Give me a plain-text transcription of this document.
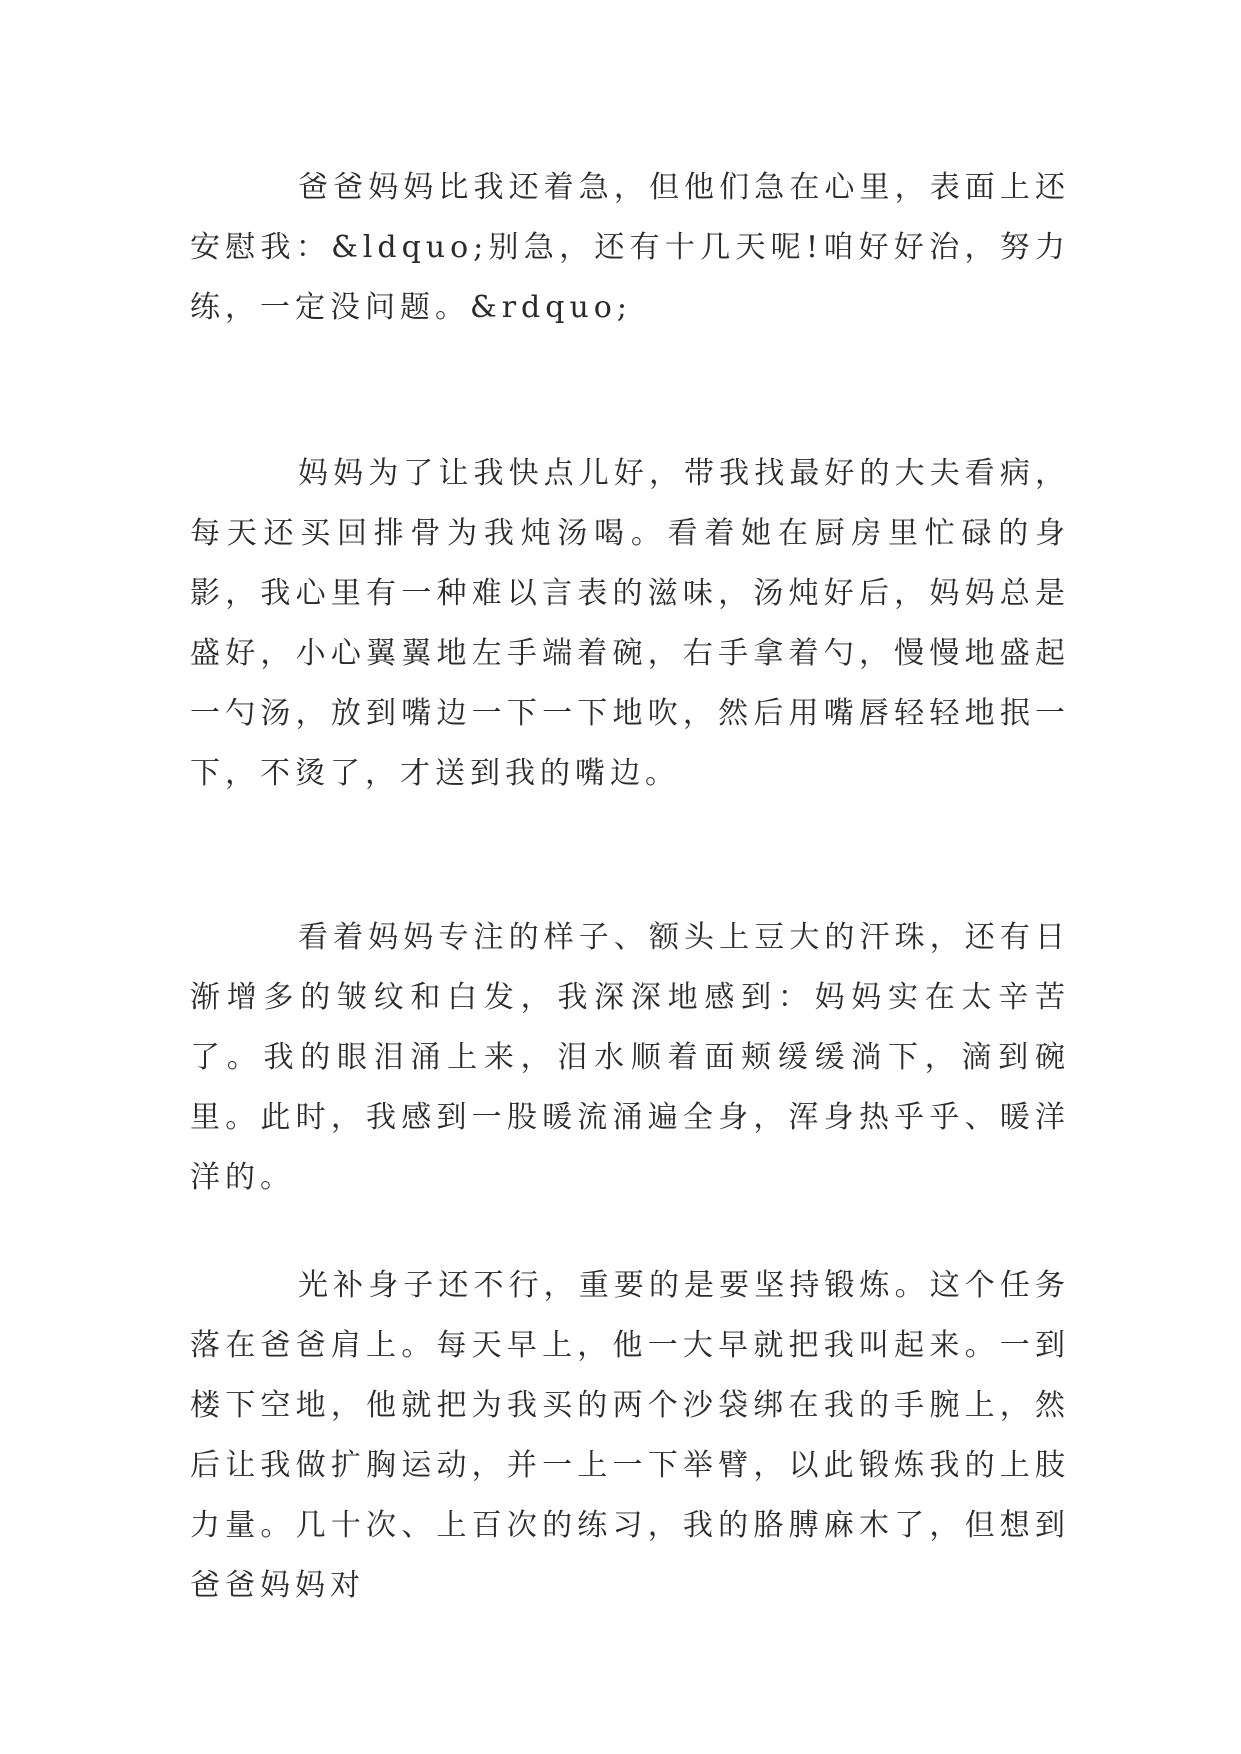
爸爸妈妈比我还着急，但他们急在心里，表面上还安慰我：&ldquo;别急，还有十几天呢!咱好好治，努力练，一定没问题。&rdquo;

妈妈为了让我快点儿好，带我找最好的大夫看病，每天还买回排骨为我炖汤喝。看着她在厨房里忙碌的身影，我心里有一种难以言表的滋味，汤炖好后，妈妈总是盛好，小心翼翼地左手端着碗，右手拿着勺，慢慢地盛起一勺汤，放到嘴边一下一下地吹，然后用嘴唇轻轻地抿一下，不烫了，才送到我的嘴边。

看着妈妈专注的样子、额头上豆大的汗珠，还有日渐增多的皱纹和白发，我深深地感到：妈妈实在太辛苦了。我的眼泪涌上来，泪水顺着面颊缓缓淌下，滴到碗里。此时，我感到一股暖流涌遍全身，浑身热乎乎、暖洋洋的。

光补身子还不行，重要的是要坚持锻炼。这个任务落在爸爸肩上。每天早上，他一大早就把我叫起来。一到楼下空地，他就把为我买的两个沙袋绑在我的手腕上，然后让我做扩胸运动，并一上一下举臂，以此锻炼我的上肢力量。几十次、上百次的练习，我的胳膊麻木了，但想到爸爸妈妈对
